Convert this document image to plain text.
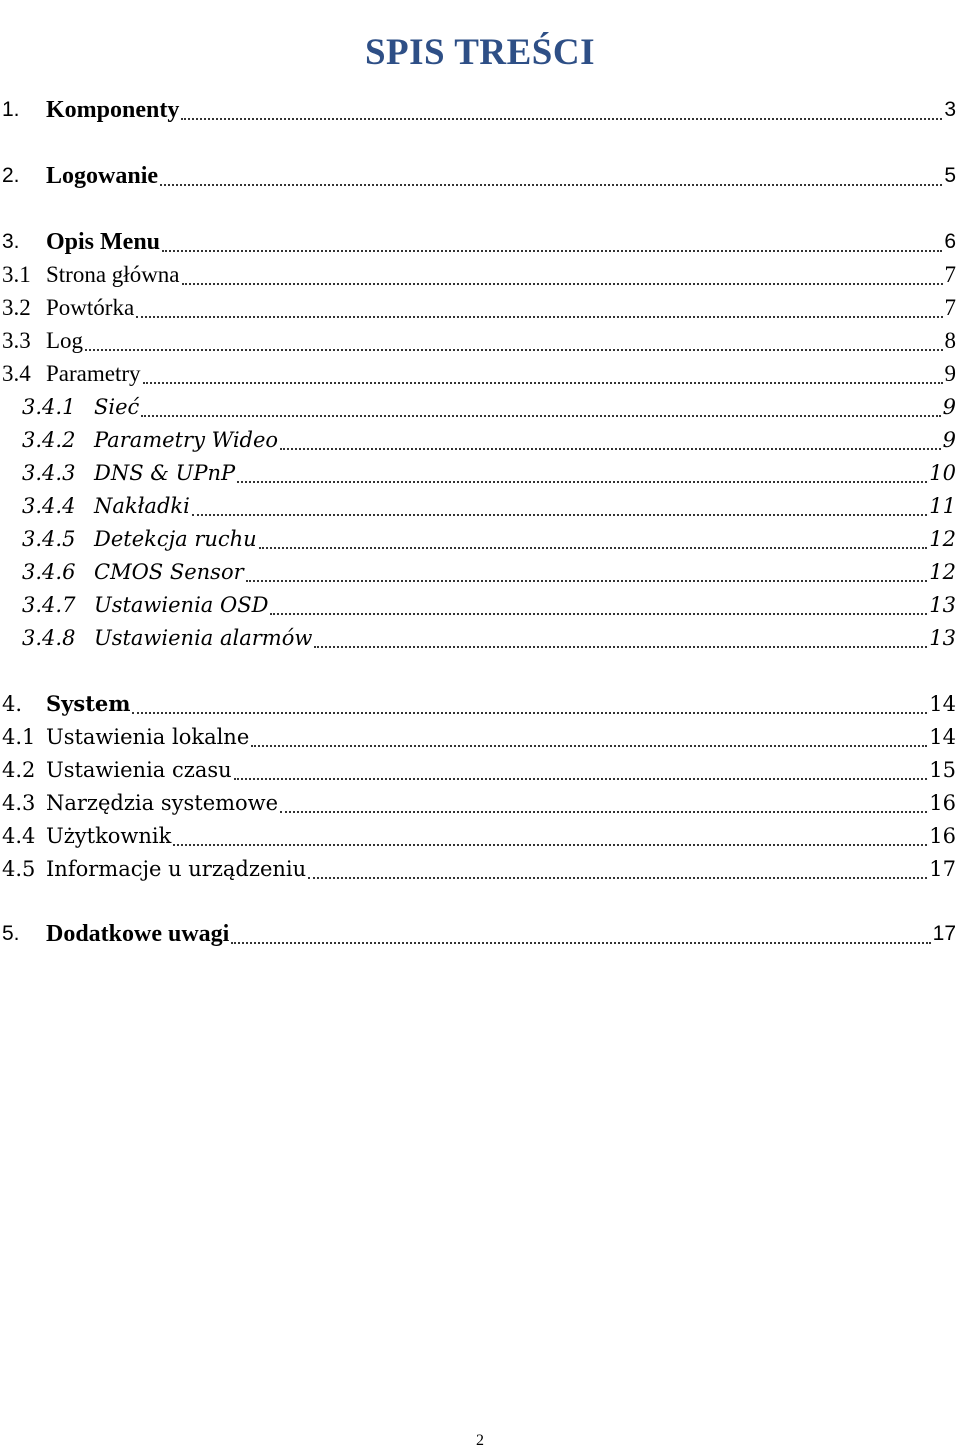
SPIS TREŚCI
1.	Komponenty	3
2.	Logowanie	5
3.	Opis Menu	6
3.1 Strona główna	7
3.2 Powtórka	7
3.3 Log	8
3.4 Parametry	9
3.4.1 Sieć	9
3.4.2 Parametry Wideo	9
3.4.3 DNS & UPnP	10
3.4.4 Nakładki	11
3.4.5 Detekcja ruchu	12
3.4.6 CMOS Sensor	12
3.4.7 Ustawienia OSD	13
3.4.8 Ustawienia alarmów	13
4.	System	14
4.1 Ustawienia lokalne	14
4.2 Ustawienia czasu	15
4.3 Narzędzia systemowe	16
4.4 Użytkownik	16
4.5 Informacje u urządzeniu	17
5.	Dodatkowe uwagi	17
2
